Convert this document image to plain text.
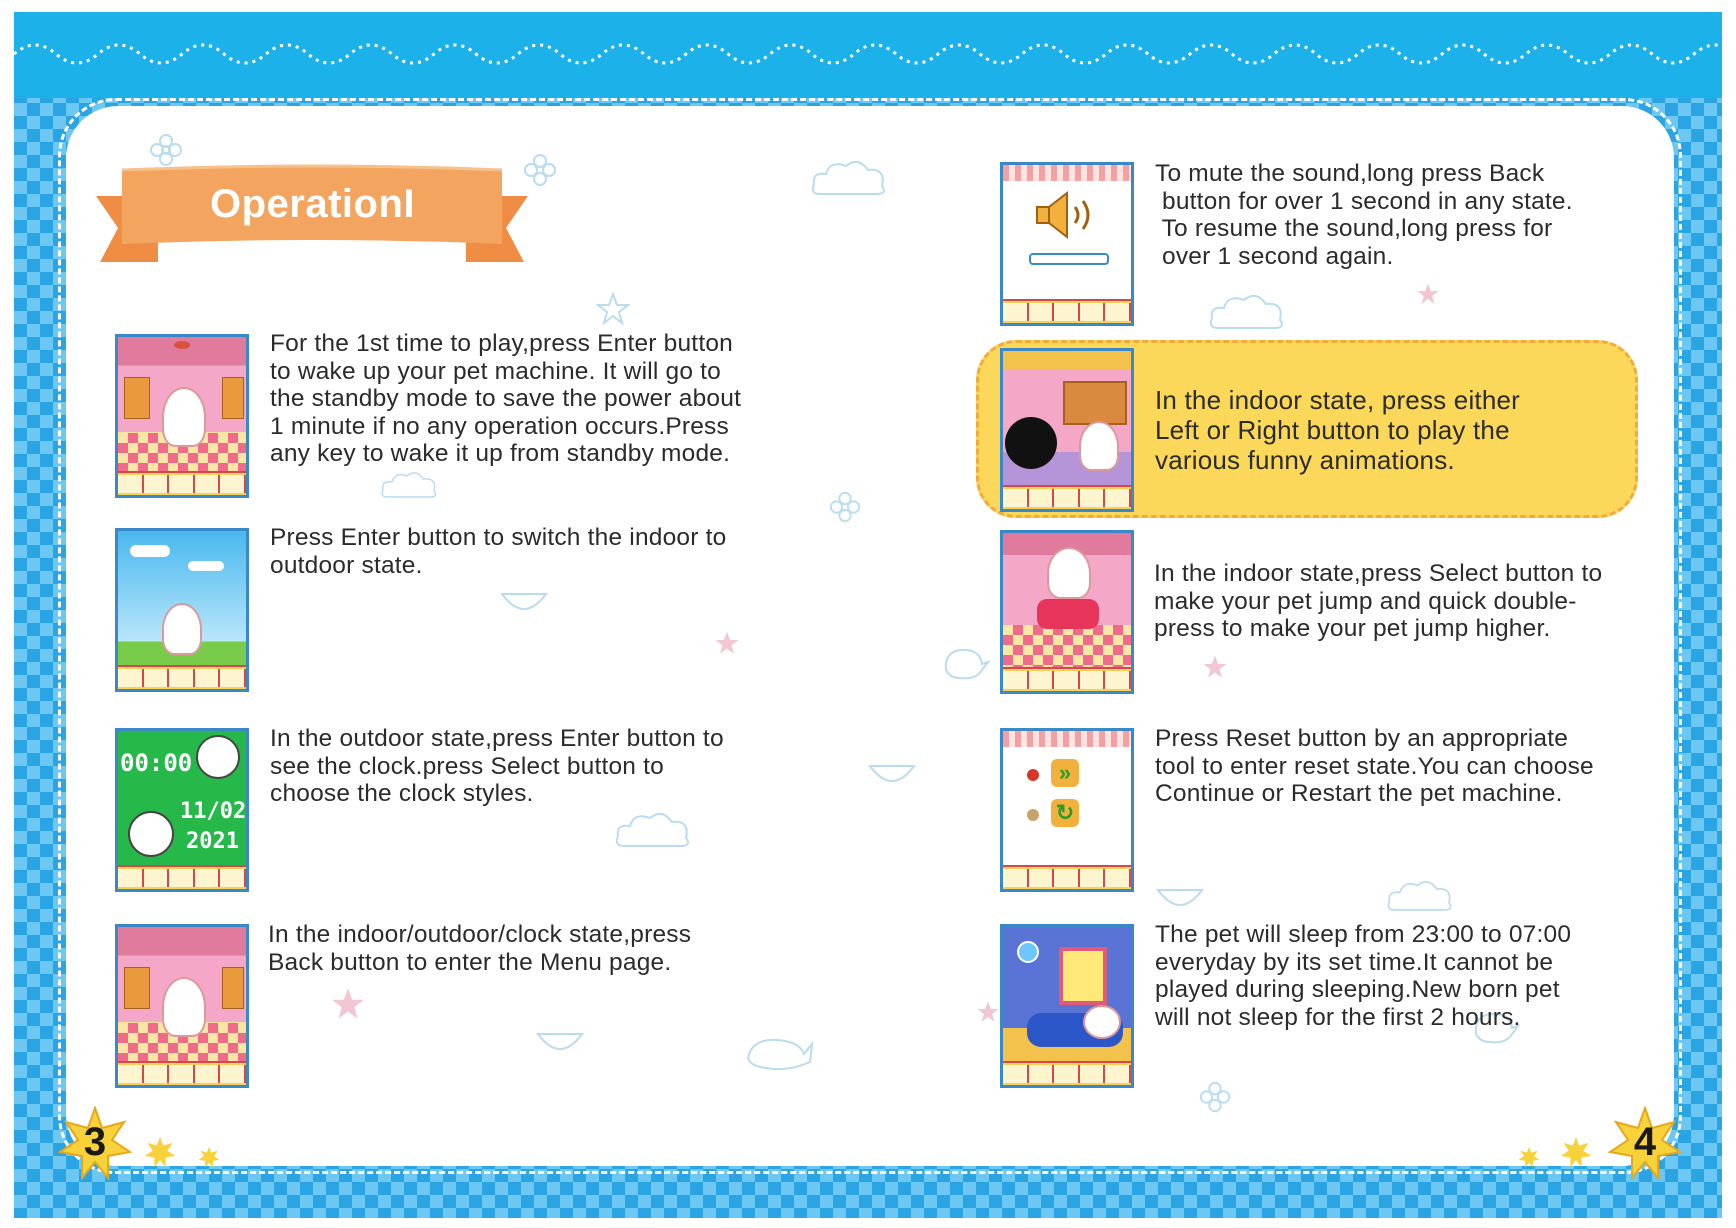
OperationI
For the 1st time to play,press Enter button
to wake up your pet machine. It will go to
the standby mode to save the power about
1 minute if no any operation occurs.Press
any key to wake it up from standby mode.
Press Enter button to switch the indoor to
outdoor state.
00:00
11/02
2021
In the outdoor state,press Enter button to
see the clock.press Select button to
choose the clock styles.
In the indoor/outdoor/clock state,press
Back button to enter the Menu page.
To mute the sound,long press Back
button for over 1 second in any state.
To resume the sound,long press for
over 1 second again.
In the indoor state, press either
Left or Right button to play the
various funny animations.
In the indoor state,press Select button to
make your pet jump and quick double-
press to make your pet jump higher.
»
↻
Press Reset button by an appropriate
tool to enter reset state.You can choose
Continue or Restart the pet machine.
The pet will sleep from 23:00 to 07:00
everyday by its set time.It cannot be
played during sleeping.New born pet
will not sleep for the first 2 hours.
3	4
